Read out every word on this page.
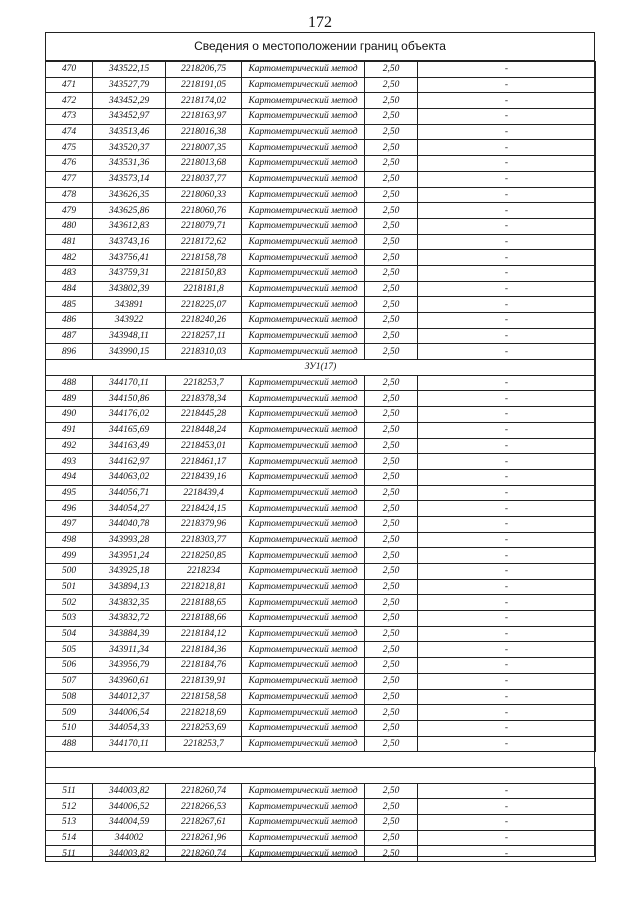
172
Сведения о местоположении границ объекта
470	343522,15	2218206,75	Картометрический метод	2,50	-
471	343527,79	2218191,05	Картометрический метод	2,50	-
472	343452,29	2218174,02	Картометрический метод	2,50	-
473	343452,97	2218163,97	Картометрический метод	2,50	-
474	343513,46	2218016,38	Картометрический метод	2,50	-
475	343520,37	2218007,35	Картометрический метод	2,50	-
476	343531,36	2218013,68	Картометрический метод	2,50	-
477	343573,14	2218037,77	Картометрический метод	2,50	-
478	343626,35	2218060,33	Картометрический метод	2,50	-
479	343625,86	2218060,76	Картометрический метод	2,50	-
480	343612,83	2218079,71	Картометрический метод	2,50	-
481	343743,16	2218172,62	Картометрический метод	2,50	-
482	343756,41	2218158,78	Картометрический метод	2,50	-
483	343759,31	2218150,83	Картометрический метод	2,50	-
484	343802,39	2218181,8	Картометрический метод	2,50	-
485	343891	2218225,07	Картометрический метод	2,50	-
486	343922	2218240,26	Картометрический метод	2,50	-
487	343948,11	2218257,11	Картометрический метод	2,50	-
896	343990,15	2218310,03	Картометрический метод	2,50	-
ЗУ1(17)					
488	344170,11	2218253,7	Картометрический метод	2,50	-
489	344150,86	2218378,34	Картометрический метод	2,50	-
490	344176,02	2218445,28	Картометрический метод	2,50	-
491	344165,69	2218448,24	Картометрический метод	2,50	-
492	344163,49	2218453,01	Картометрический метод	2,50	-
493	344162,97	2218461,17	Картометрический метод	2,50	-
494	344063,02	2218439,16	Картометрический метод	2,50	-
495	344056,71	2218439,4	Картометрический метод	2,50	-
496	344054,27	2218424,15	Картометрический метод	2,50	-
497	344040,78	2218379,96	Картометрический метод	2,50	-
498	343993,28	2218303,77	Картометрический метод	2,50	-
499	343951,24	2218250,85	Картометрический метод	2,50	-
500	343925,18	2218234	Картометрический метод	2,50	-
501	343894,13	2218218,81	Картометрический метод	2,50	-
502	343832,35	2218188,65	Картометрический метод	2,50	-
503	343832,72	2218188,66	Картометрический метод	2,50	-
504	343884,39	2218184,12	Картометрический метод	2,50	-
505	343911,34	2218184,36	Картометрический метод	2,50	-
506	343956,79	2218184,76	Картометрический метод	2,50	-
507	343960,61	2218139,91	Картометрический метод	2,50	-
508	344012,37	2218158,58	Картометрический метод	2,50	-
509	344006,54	2218218,69	Картометрический метод	2,50	-
510	344054,33	2218253,69	Картометрический метод	2,50	-
488	344170,11	2218253,7	Картометрический метод	2,50	-

511	344003,82	2218260,74	Картометрический метод	2,50	-
512	344006,52	2218266,53	Картометрический метод	2,50	-
513	344004,59	2218267,61	Картометрический метод	2,50	-
514	344002	2218261,96	Картометрический метод	2,50	-
511	344003,82	2218260,74	Картометрический метод	2,50	-
